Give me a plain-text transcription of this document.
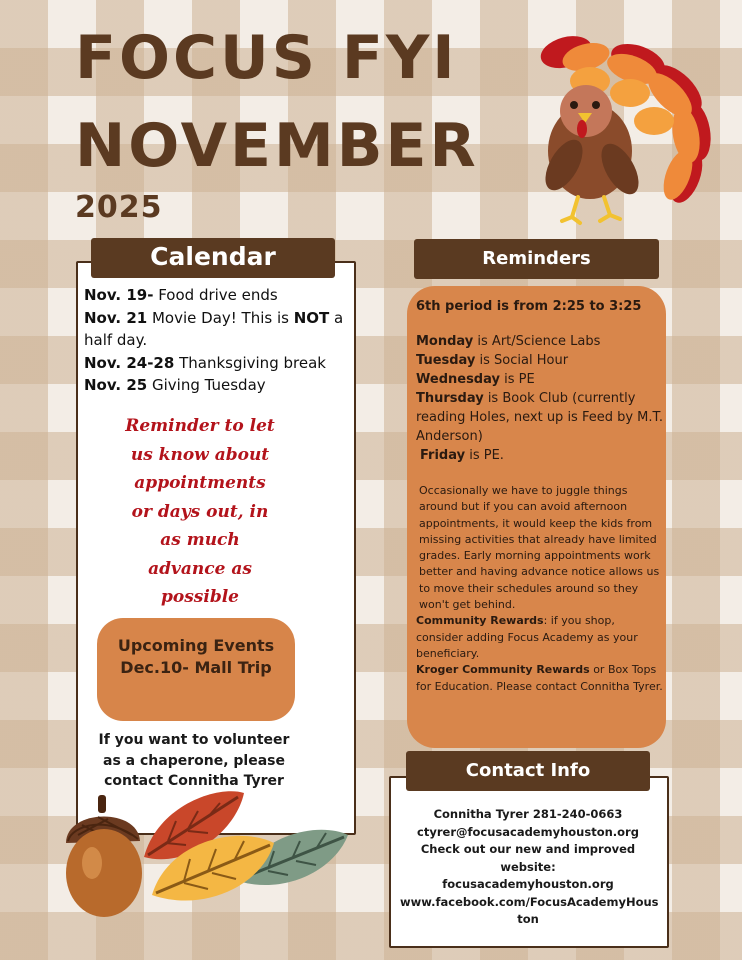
FOCUS FYI
NOVEMBER
2025
Calendar
Nov. 19- Food drive ends
Nov. 21 Movie Day! This is NOT a half day.
Nov. 24-28 Thanksgiving break
Nov. 25 Giving Tuesday
Reminder to let
us know about
appointments
or days out, in
as much
advance as
possible
Upcoming Events
Dec.10- Mall Trip
If you want to volunteer
as a chaperone, please
contact Connitha Tyrer
Reminders
6th period is from 2:25 to 3:25
Monday is Art/Science Labs
Tuesday is Social Hour
Wednesday is PE
Thursday is Book Club (currently reading Holes, next up is Feed by M.T. Anderson)
Friday is PE.
Occasionally we have to juggle things around but if you can avoid afternoon appointments, it would keep the kids from missing activities that already have limited grades. Early morning appointments work better and having advance notice allows us to move their schedules around so they won't get behind.
Community Rewards: if you shop, consider adding Focus Academy as your beneficiary.
Kroger Community Rewards or Box Tops for Education. Please contact Connitha Tyrer.
Contact Info
Connitha Tyrer 281-240-0663
ctyrer@focusacademyhouston.org
Check out our new and improved
website:
focusacademyhouston.org
www.facebook.com/FocusAcademyHous
ton
